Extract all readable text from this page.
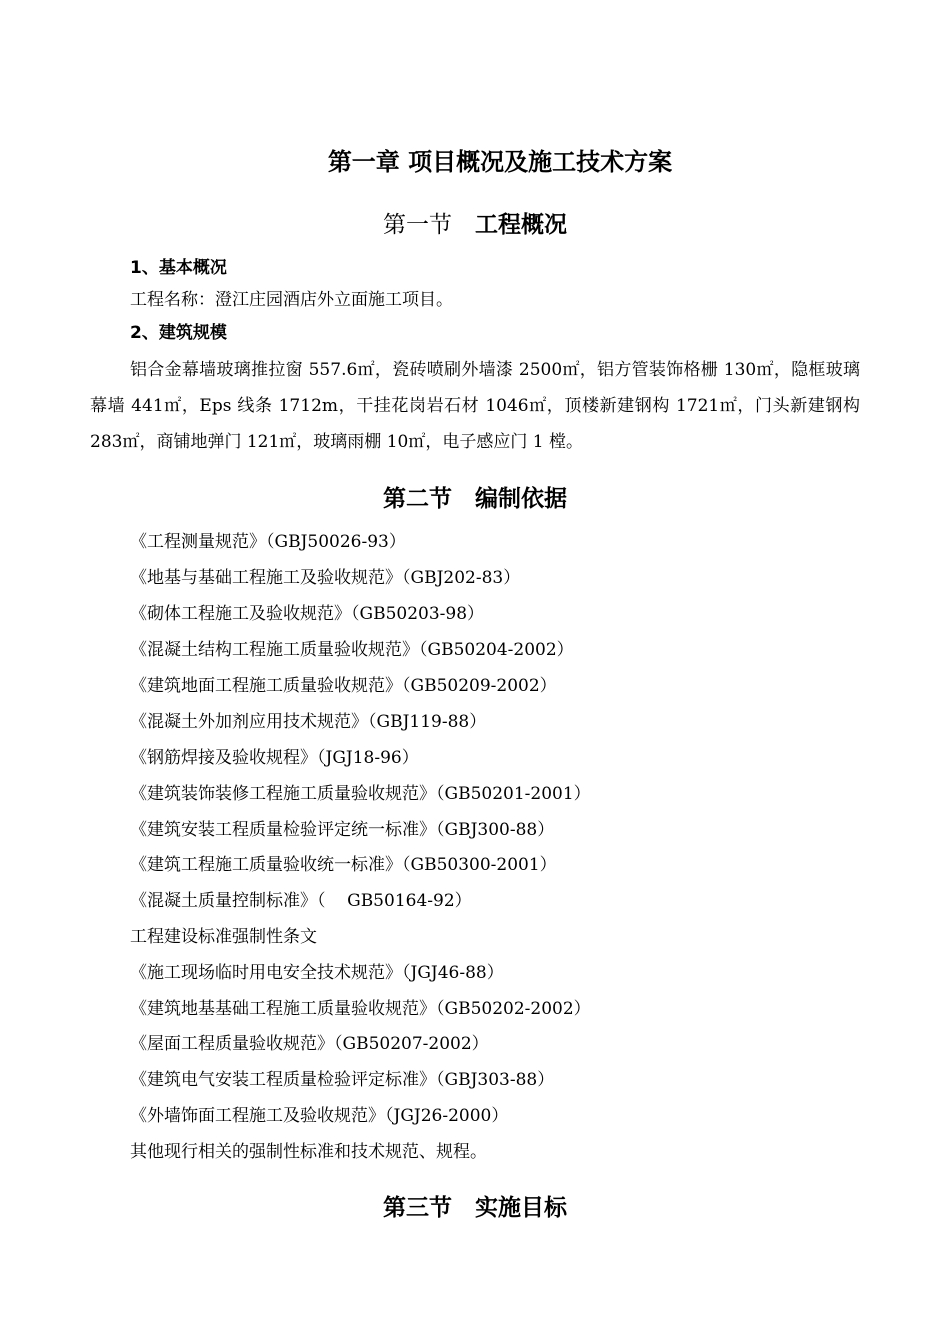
第一章 项目概况及施工技术方案
第一节　 工程概况
1、基本概况
工程名称：澄江庄园酒店外立面施工项目。
2、建筑规模
铝合金幕墙玻璃推拉窗 557.6㎡，瓷砖喷刷外墙漆 2500㎡，铝方管装饰格栅 130㎡，隐框玻璃幕墙 441㎡，Eps 线条 1712m，干挂花岗岩石材 1046㎡，顶楼新建钢构 1721㎡，门头新建钢构 283㎡，商铺地弹门 121㎡，玻璃雨棚 10㎡，电子感应门 1 樘。
第二节　 编制依据
《工程测量规范》（GBJ50026-93）
《地基与基础工程施工及验收规范》（GBJ202-83）
《砌体工程施工及验收规范》（GB50203-98）
《混凝土结构工程施工质量验收规范》（GB50204-2002）
《建筑地面工程施工质量验收规范》（GB50209-2002）
《混凝土外加剂应用技术规范》（GBJ119-88）
《钢筋焊接及验收规程》（JGJ18-96）
《建筑装饰装修工程施工质量验收规范》（GB50201-2001）
《建筑安装工程质量检验评定统一标准》（GBJ300-88）
《建筑工程施工质量验收统一标准》（GB50300-2001）
《混凝土质量控制标准》（    GB50164-92）
工程建设标准强制性条文
《施工现场临时用电安全技术规范》（JGJ46-88）
《建筑地基基础工程施工质量验收规范》（GB50202-2002）
《屋面工程质量验收规范》（GB50207-2002）
《建筑电气安装工程质量检验评定标准》（GBJ303-88）
《外墙饰面工程施工及验收规范》（JGJ26-2000）
其他现行相关的强制性标准和技术规范、规程。
第三节　 实施目标
